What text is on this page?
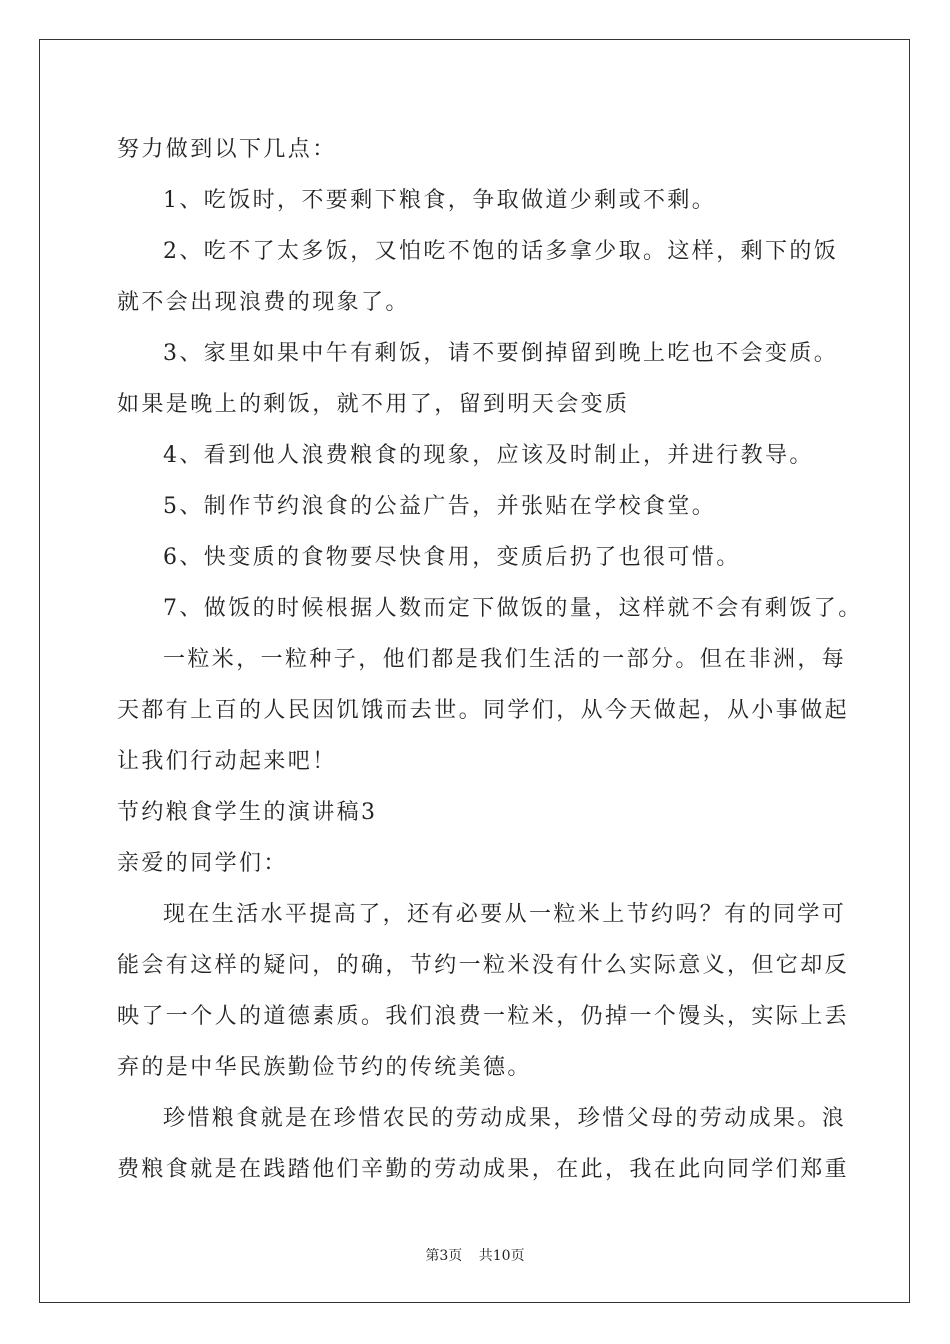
努力做到以下几点：
1、吃饭时，不要剩下粮食，争取做道少剩或不剩。
2、吃不了太多饭，又怕吃不饱的话多拿少取。这样，剩下的饭
就不会出现浪费的现象了。
3、家里如果中午有剩饭，请不要倒掉留到晚上吃也不会变质。
如果是晚上的剩饭，就不用了，留到明天会变质
4、看到他人浪费粮食的现象，应该及时制止，并进行教导。
5、制作节约浪食的公益广告，并张贴在学校食堂。
6、快变质的食物要尽快食用，变质后扔了也很可惜。
7、做饭的时候根据人数而定下做饭的量，这样就不会有剩饭了。
一粒米，一粒种子，他们都是我们生活的一部分。但在非洲，每
天都有上百的人民因饥饿而去世。同学们，从今天做起，从小事做起
让我们行动起来吧！
节约粮食学生的演讲稿3
亲爱的同学们：
现在生活水平提高了，还有必要从一粒米上节约吗？有的同学可
能会有这样的疑问，的确，节约一粒米没有什么实际意义，但它却反
映了一个人的道德素质。我们浪费一粒米，仍掉一个馒头，实际上丢
弃的是中华民族勤俭节约的传统美德。
珍惜粮食就是在珍惜农民的劳动成果，珍惜父母的劳动成果。浪
费粮食就是在践踏他们辛勤的劳动成果，在此，我在此向同学们郑重
第3页 共10页
